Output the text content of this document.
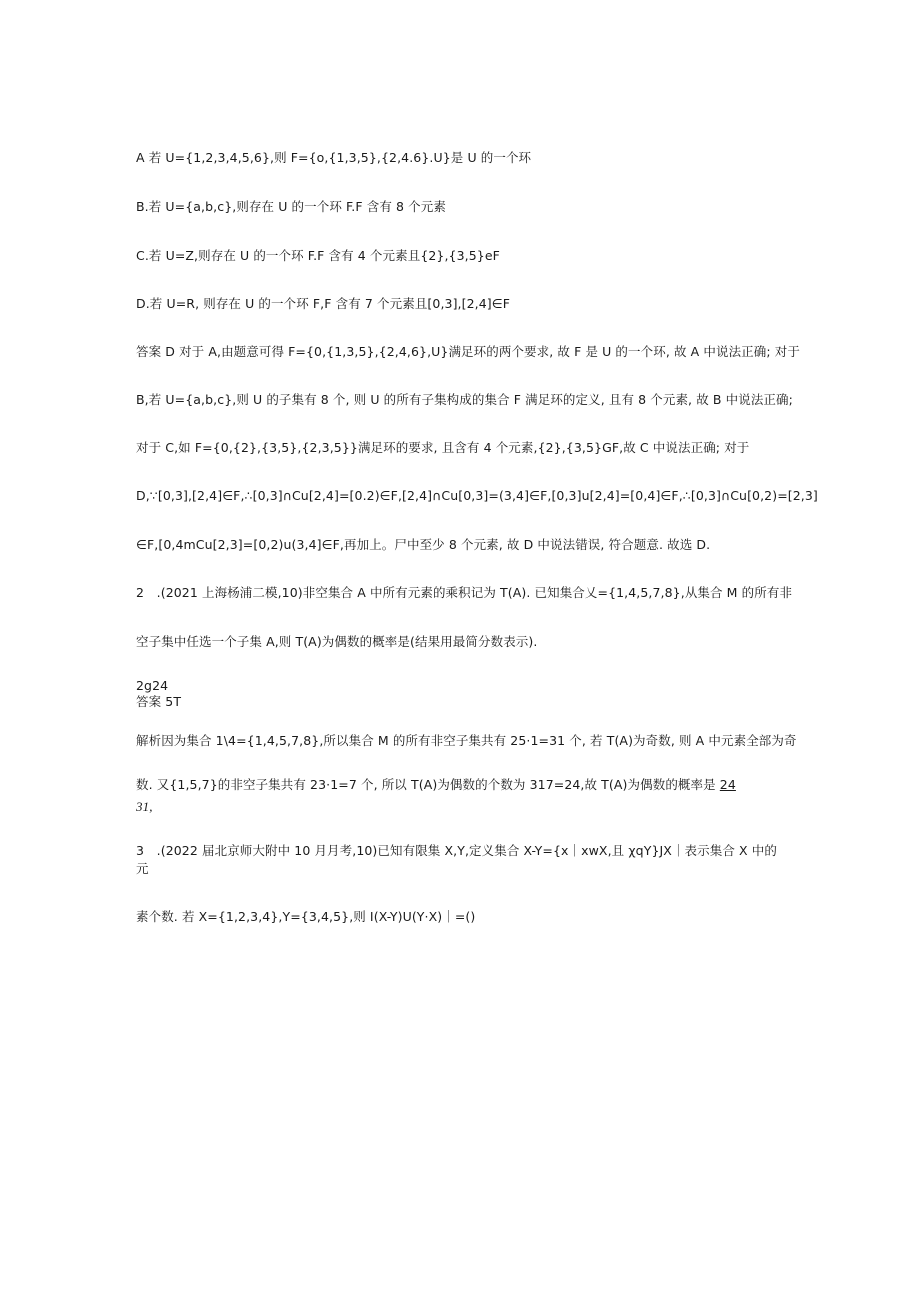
A 若 U={1,2,3,4,5,6},则 F={o,{1,3,5},{2,4.6}.U}是 U 的一个环
B.若 U={a,b,c},则存在 U 的一个环 F.F 含有 8 个元素
C.若 U=Z,则存在 U 的一个环 F.F 含有 4 个元素且{2},{3,5}eF
D.若 U=R, 则存在 U 的一个环 F,F 含有 7 个元素且[0,3],[2,4]∈F
答案 D 对于 A,由题意可得 F={0,{1,3,5},{2,4,6},U}满足环的两个要求, 故 F 是 U 的一个环, 故 A 中说法正确; 对于
B,若 U={a,b,c},则 U 的子集有 8 个, 则 U 的所有子集构成的集合 F 满足环的定义, 且有 8 个元素, 故 B 中说法正确;
对于 C,如 F={0,{2},{3,5},{2,3,5}}满足环的要求, 且含有 4 个元素,{2},{3,5}GF,故 C 中说法正确; 对于
D,∵[0,3],[2,4]∈F,∴[0,3]∩Cu[2,4]=[0.2)∈F,[2,4]∩Cu[0,3]=(3,4]∈F,[0,3]u[2,4]=[0,4]∈F,∴[0,3]∩Cu[0,2)=[2,3]
∈F,[0,4mCu[2,3]=[0,2)u(3,4]∈F,再加上。尸中至少 8 个元素, 故 D 中说法错误, 符合题意. 故选 D.
2　.(2021 上海杨浦二模,10)非空集合 A 中所有元素的乘积记为 T(A). 已知集合乂={1,4,5,7,8},从集合 M 的所有非
空子集中任选一个子集 A,则 T(A)为偶数的概率是(结果用最简分数表示).
2g24
答案 5T
解析因为集合 1\4={1,4,5,7,8},所以集合 M 的所有非空子集共有 25·1=31 个, 若 T(A)为奇数, 则 A 中元素全部为奇
数. 又{1,5,7}的非空子集共有 23·1=7 个, 所以 T(A)为偶数的个数为 317=24,故 T(A)为偶数的概率是 24
31,
3　.(2022 届北京师大附中 10 月月考,10)已知有限集 X,Y,定义集合 X-Y={x｜xwX,且 χqY}JX｜表示集合 X 中的
元
素个数. 若 X={1,2,3,4},Y={3,4,5},则 I(X-Y)U(Y·X)｜=()
